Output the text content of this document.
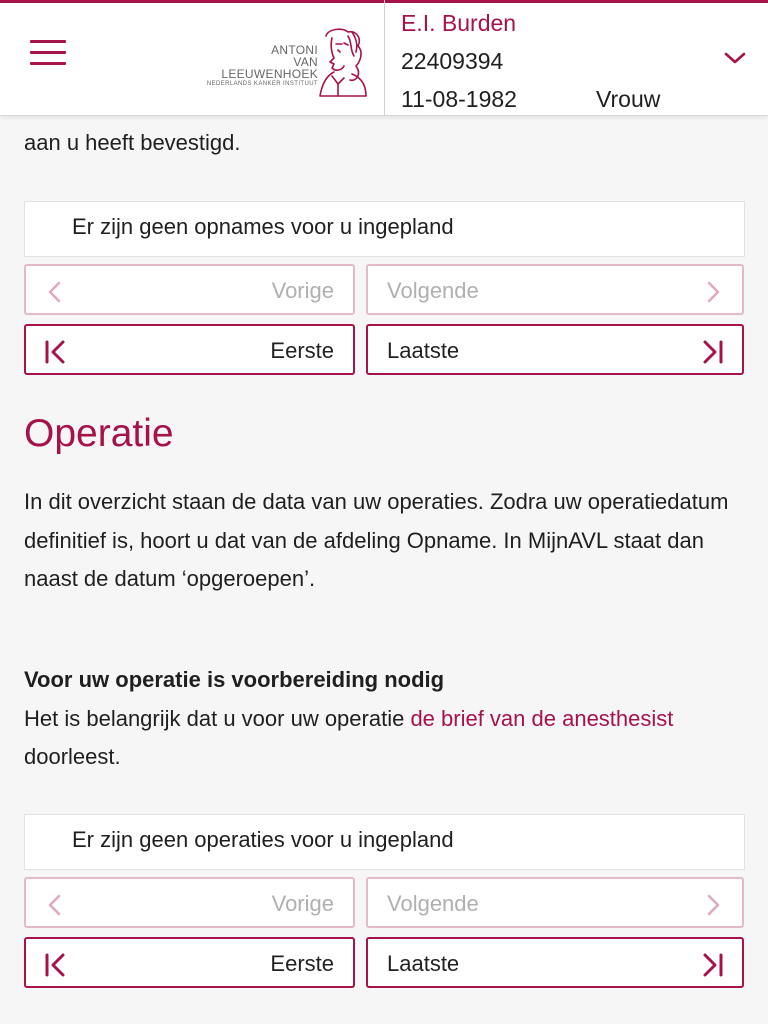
ANTONI
VAN
LEEUWENHOEK
NEDERLANDS KANKER INSTITUUT
E.I. Burden
22409394
11-08-1982	Vrouw
aan u heeft bevestigd.
Er zijn geen opnames voor u ingepland
Vorige Volgende
Eerste Laatste
Operatie

In dit overzicht staan de data van uw operaties. Zodra uw operatiedatum definitief is, hoort u dat van de afdeling Opname. In MijnAVL staat dan naast de datum ‘opgeroepen’.

Voor uw operatie is voorbereiding nodig
Het is belangrijk dat u voor uw operatie de brief van de anesthesist doorleest.

Er zijn geen operaties voor u ingepland
Vorige Volgende
Eerste Laatste
